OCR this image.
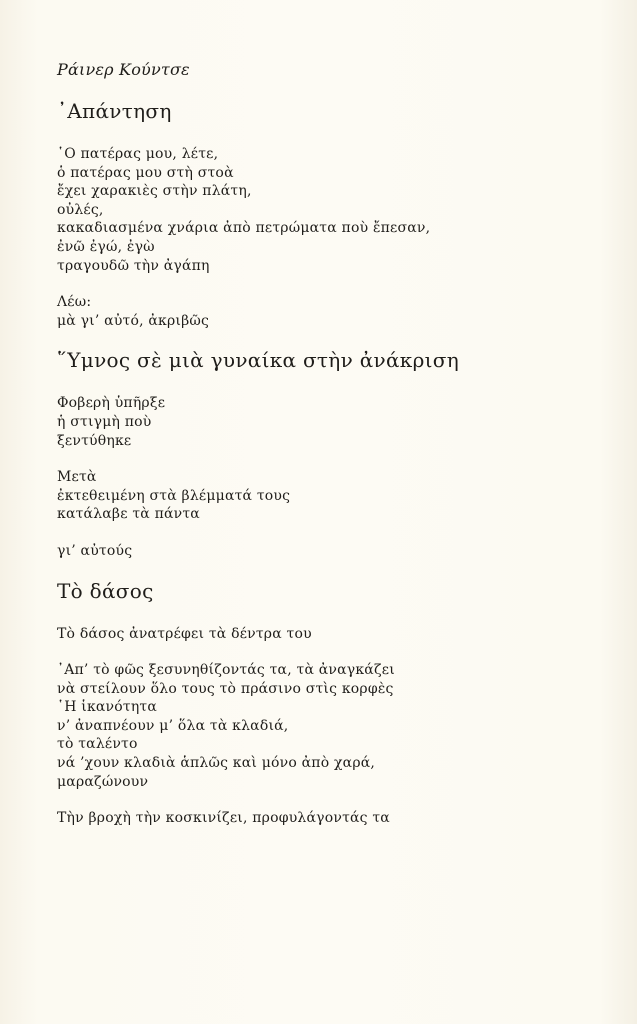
Ράινερ Κούντσε
᾿Απάντηση
῾Ο πατέρας μου, λέτε,
ὁ πατέρας μου στὴ στοὰ
ἔχει χαρακιὲς στὴν πλάτη,
οὐλές,
κακαδιασμένα χνάρια ἀπὸ πετρώματα ποὺ ἔπεσαν,
ἐνῶ ἐγώ, ἐγὼ
τραγουδῶ τὴν ἀγάπη
Λέω:
μὰ γι’ αὐτό, ἀκριβῶς
῞Υμνος σὲ μιὰ γυναίκα στὴν ἀνάκριση
Φοβερὴ ὑπῆρξε
ἡ στιγμὴ ποὺ
ξεντύθηκε
Μετὰ
ἐκτεθειμένη στὰ βλέμματά τους
κατάλαβε τὰ πάντα
γι’ αὐτούς
Τὸ δάσος
Τὸ δάσος ἀνατρέφει τὰ δέντρα του
᾿Απ’ τὸ φῶς ξεσυνηθίζοντάς τα, τὰ ἀναγκάζει
νὰ στείλουν ὅλο τους τὸ πράσινο στὶς κορφὲς
῾Η ἱκανότητα
ν’ ἀναπνέουν μ’ ὅλα τὰ κλαδιά,
τὸ ταλέντο
νά ’χουν κλαδιὰ ἁπλῶς καὶ μόνο ἀπὸ χαρά,
μαραζώνουν
Τὴν βροχὴ τὴν κοσκινίζει, προφυλάγοντάς τα
